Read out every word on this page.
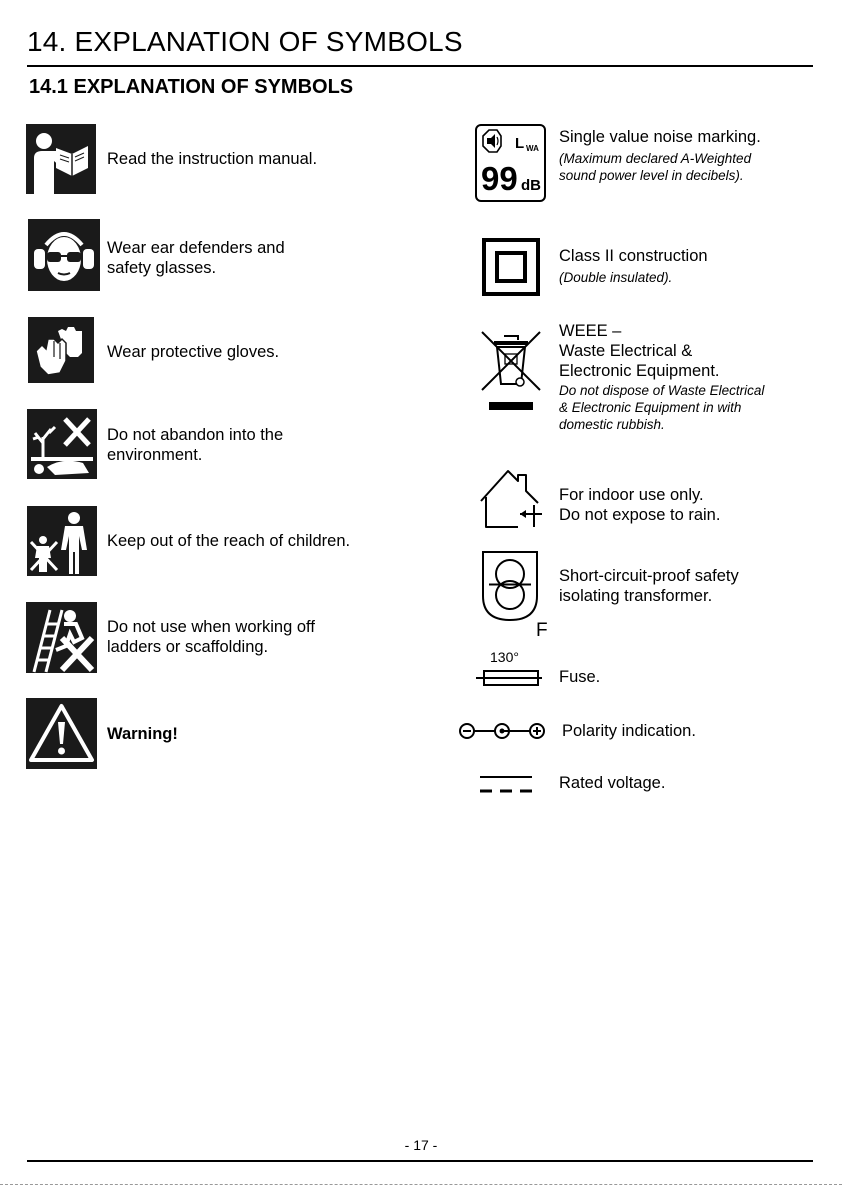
14. EXPLANATION OF SYMBOLS
14.1 EXPLANATION OF SYMBOLS
Read the instruction manual.
Wear ear defenders and
safety glasses.
Wear protective gloves.
Do not abandon into the
environment.
Keep out of the reach of children.
Do not use when working off
ladders or scaffolding.
Warning!
L WA
99 dB
Single value noise marking.
(Maximum declared A-Weighted
sound power level in decibels).
Class II construction
(Double insulated).
WEEE –
Waste Electrical &
Electronic Equipment.
Do not dispose of Waste Electrical
& Electronic Equipment in with
domestic rubbish.
For indoor use only.
Do not expose to rain.
F
Short-circuit-proof safety
isolating transformer.
130°
Fuse.
Polarity indication.
Rated voltage.
- 17 -
